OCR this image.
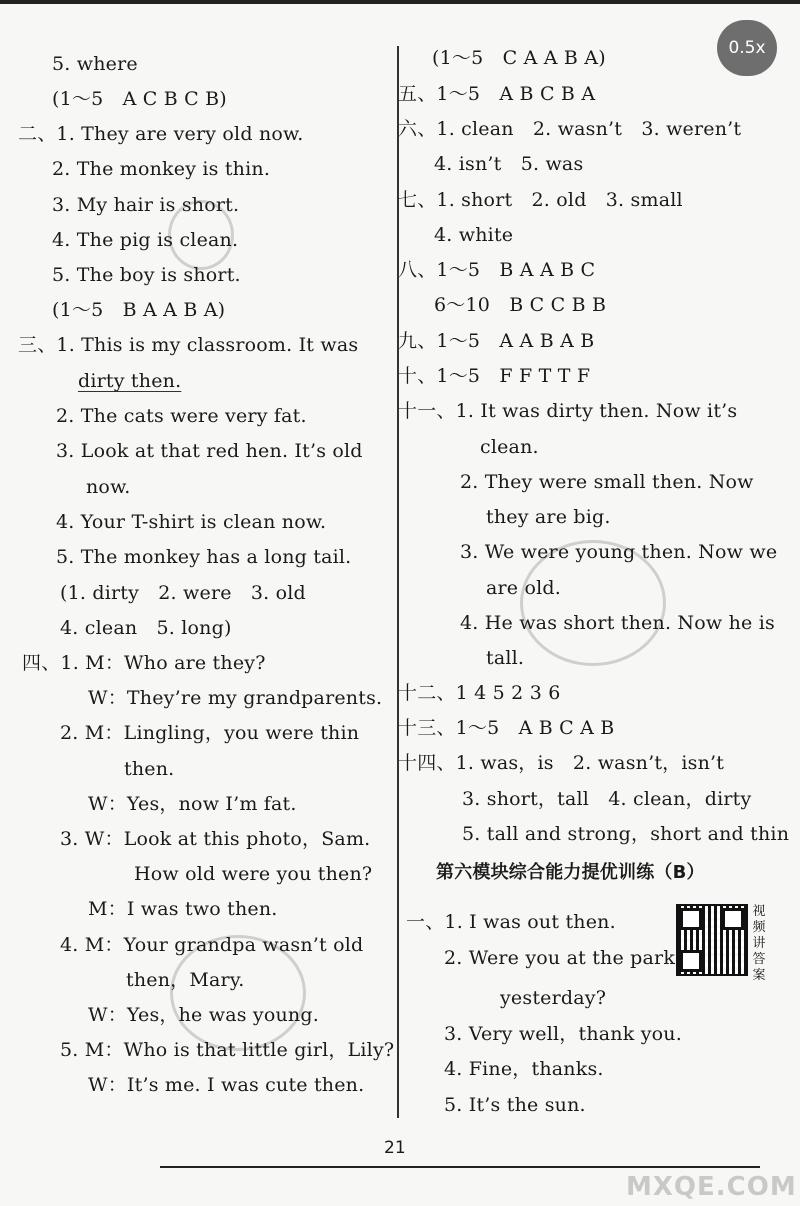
0.5x
5. where
(1～5　A C B C B)
二、1. They are very old now.
2. The monkey is thin.
3. My hair is short.
4. The pig is clean.
5. The boy is short.
(1～5　B A A B A)
三、1. This is my classroom. It was
dirty then.
2. The cats were very fat.
3. Look at that red hen. It’s old
now.
4. Your T-shirt is clean now.
5. The monkey has a long tail.
(1. dirty　2. were　3. old
4. clean　5. long)
四、1. M：Who are they?
W：They’re my grandparents.
2. M：Lingling，you were thin
then.
W：Yes，now I’m fat.
3. W：Look at this photo，Sam.
How old were you then?
M：I was two then.
4. M：Your grandpa wasn’t old
then，Mary.
W：Yes，he was young.
5. M：Who is that little girl，Lily?
W：It’s me. I was cute then.
(1～5　C A A B A)
五、1～5　A B C B A
六、1. clean　2. wasn’t　3. weren’t
4. isn’t　5. was
七、1. short　2. old　3. small
4. white
八、1～5　B A A B C
6～10　B C C B B
九、1～5　A A B A B
十、1～5　F F T T F
十一、1. It was dirty then. Now it’s
clean.
2. They were small then. Now
they are big.
3. We were young then. Now we
are old.
4. He was short then. Now he is
tall.
十二、1 4 5 2 3 6
十三、1～5　A B C A B
十四、1. was，is　2. wasn’t，isn’t
3. short，tall　4. clean，dirty
5. tall and strong，short and thin
第六模块综合能力提优训练（B）
一、1. I was out then.
2. Were you at the park
yesterday?
3. Very well，thank you.
4. Fine，thanks.
5. It’s the sun.
视频讲答案
21
MXQE.COM
